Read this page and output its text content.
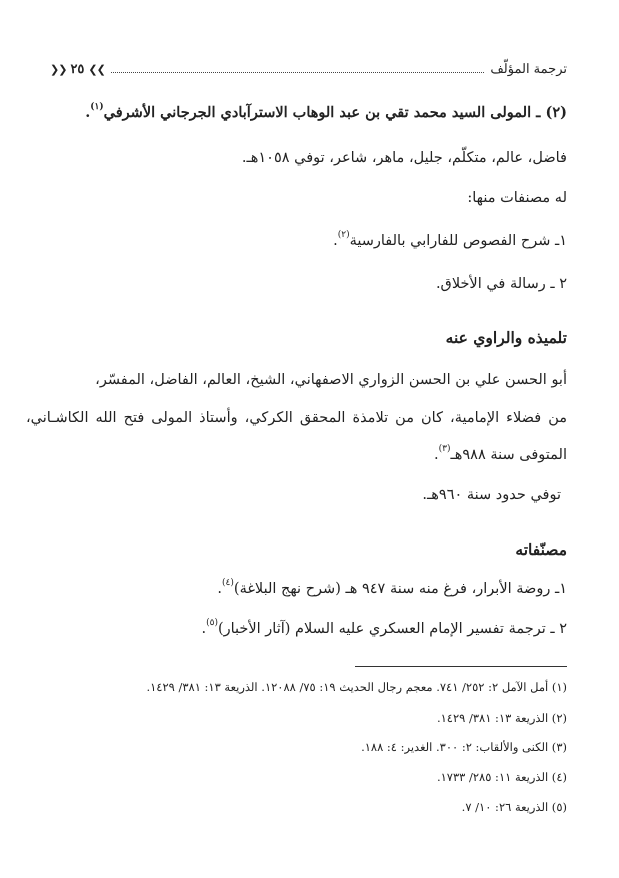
ترجمة المؤلّف
❯❯
٢٥
❮❮
(٢) ـ المولى السيد محمد تقي بن عبد الوهاب الاسترآبادي الجرجاني الأشرفي$^{(١)}$.
فاضل، عالم، متكلّم، جليل، ماهر، شاعر، توفي ١٠٥٨هـ.
له مصنفات منها:
١ـ شرح الفصوص للفارابي بالفارسية$^{(٢)}$.
٢ ـ رسالة في الأخلاق.
تلميذه والراوي عنه
أبو الحسن علي بن الحسن الزواري الاصفهاني، الشيخ، العالم، الفاضل، المفسّر،
من فضلاء الإمامية، كان من تلامذة المحقق الكركي، وأستاذ المولى فتح الله الكاشـاني،
المتوفى سنة ٩٨٨هـ$^{(٣)}$.
توفي حدود سنة ٩٦٠هـ.
مصنّفاته
١ـ روضة الأبرار، فرغ منه سنة ٩٤٧ هـ (شرح نهج البلاغة)$^{(٤)}$.
٢ ـ ترجمة تفسير الإمام العسكري عليه السلام (آثار الأخبار)$^{(٥)}$.
(١) أمل الآمل ٢: ٢٥٢/ ٧٤١. معجم رجال الحديث ١٩: ٧٥/ ١٢٠٨٨. الذريعة ١٣: ٣٨١/ ١٤٢٩.
(٢) الذريعة ١٣: ٣٨١/ ١٤٢٩.
(٣) الكنى والألقاب: ٢: ٣٠٠. الغدير: ٤: ١٨٨.
(٤) الذريعة ١١: ٢٨٥/ ١٧٣٣.
(٥) الذريعة ٢٦: ١٠/ ٧.
